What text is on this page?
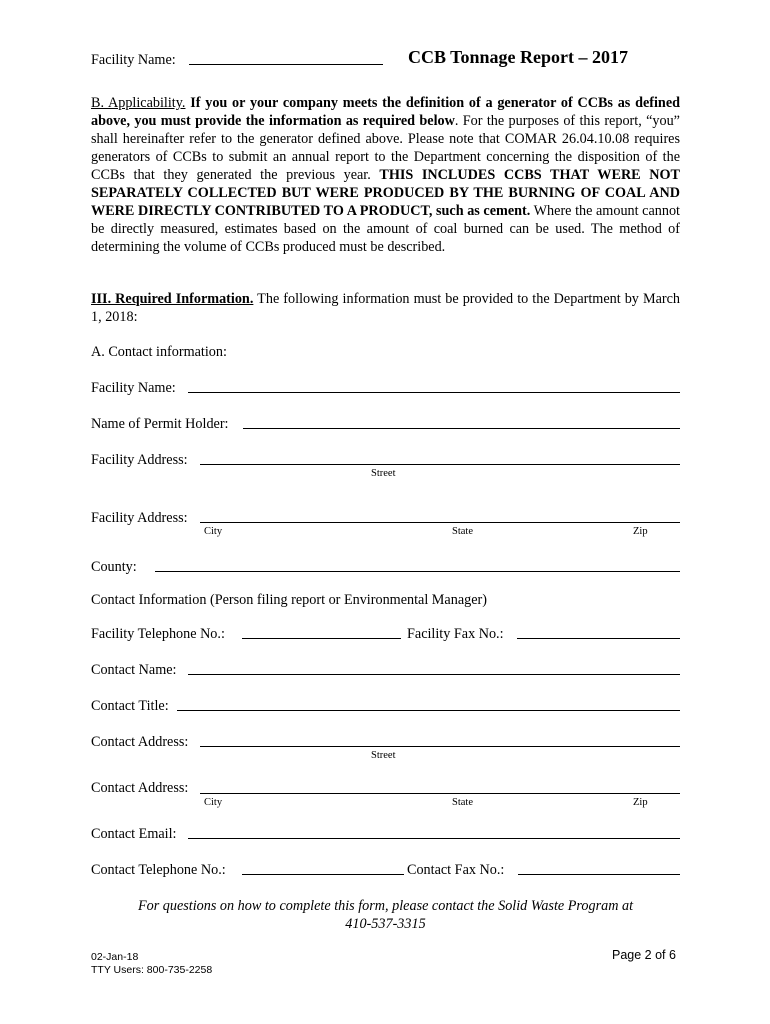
Facility Name:	CCB Tonnage Report – 2017

B. Applicability. If you or your company meets the definition of a generator of CCBs as defined above, you must provide the information as required below. For the purposes of this report, “you” shall hereinafter refer to the generator defined above. Please note that COMAR 26.04.10.08 requires generators of CCBs to submit an annual report to the Department concerning the disposition of the CCBs that they generated the previous year. THIS INCLUDES CCBS THAT WERE NOT SEPARATELY COLLECTED BUT WERE PRODUCED BY THE BURNING OF COAL AND WERE DIRECTLY CONTRIBUTED TO A PRODUCT, such as cement. Where the amount cannot be directly measured, estimates based on the amount of coal burned can be used. The method of determining the volume of CCBs produced must be described.

III. Required Information. The following information must be provided to the Department by March 1, 2018:

A. Contact information:
Facility Name:
Name of Permit Holder:
Facility Address:
Street
Facility Address:
City	State	Zip
County:
Contact Information (Person filing report or Environmental Manager)
Facility Telephone No.:	Facility Fax No.:
Contact Name:
Contact Title:
Contact Address:
Street
Contact Address:
City	State	Zip
Contact Email:
Contact Telephone No.:	Contact Fax No.:
For questions on how to complete this form, please contact the Solid Waste Program at
410-537-3315
02-Jan-18
TTY Users: 800-735-2258
Page 2 of 6
